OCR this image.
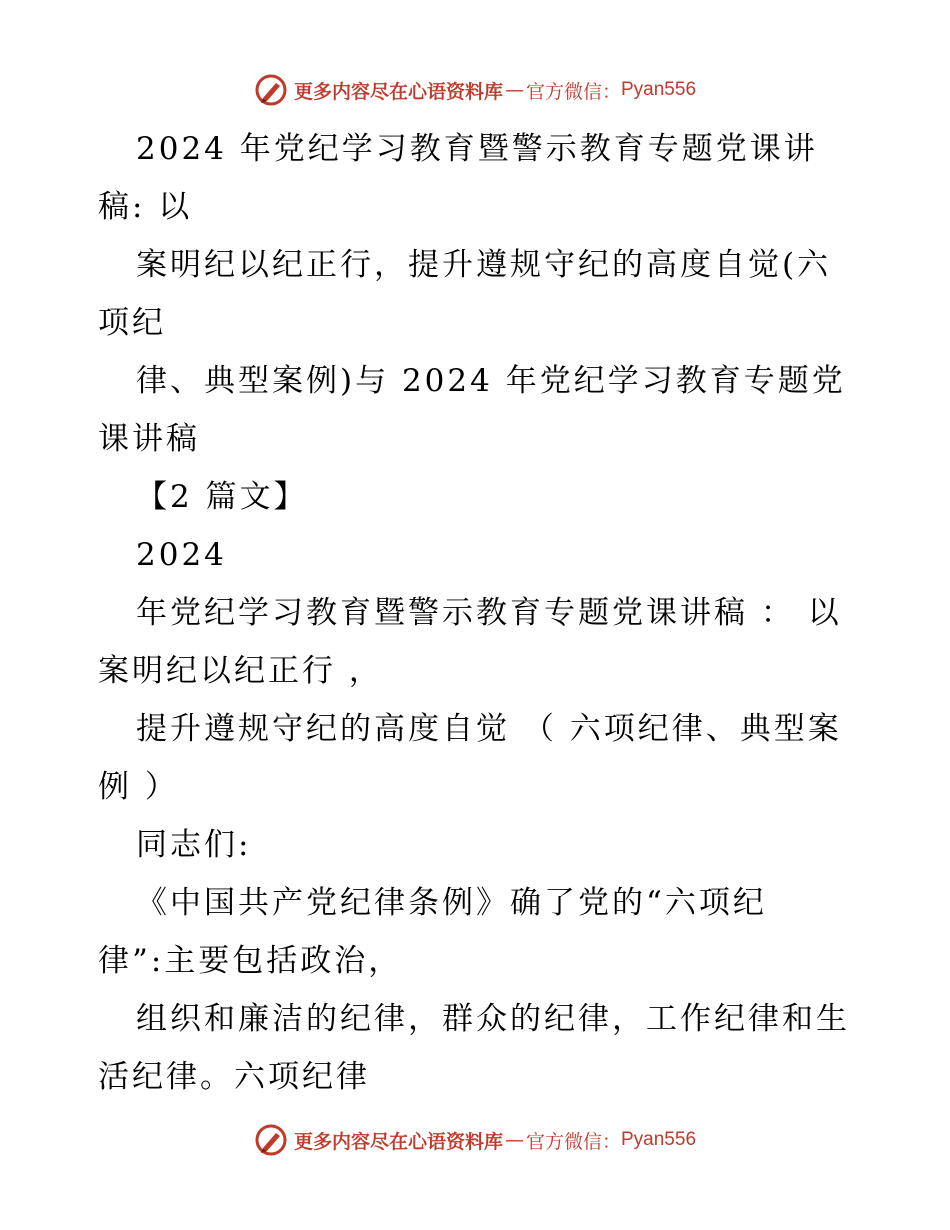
更多内容尽在心语资料库 — 官方微信： Pyan556
2024 年党纪学习教育暨警示教育专题党课讲
稿: 以
案明纪以纪正行，提升遵规守纪的高度自觉(六
项纪
律、典型案例)与 2024 年党纪学习教育专题党
课讲稿
【2 篇文】
2024
年党纪学习教育暨警示教育专题党课讲稿 ： 以
案明纪以纪正行 ，
提升遵规守纪的高度自觉 （ 六项纪律、典型案
例 ）
同志们:
《中国共产党纪律条例》确了党的“六项纪
律”:主要包括政治，
组织和廉洁的纪律，群众的纪律，工作纪律和生
活纪律。六项纪律
更多内容尽在心语资料库 — 官方微信： Pyan556
